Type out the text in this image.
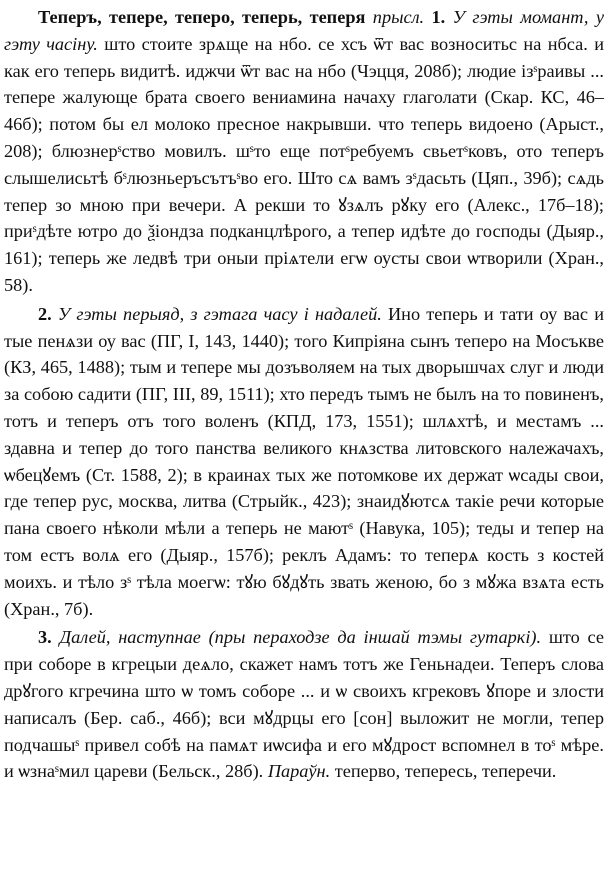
Теперъ, тепере, теперо, теперь, теперя прысл. 1. У гэты момант, у гэту часіну. што стоите зрѧще на нбо. се хсъ ѿт вас возноситьс на нбса. и как его теперь видитѣ. иджчи ѿт вас на нбо (Чэцця, 208б); людие ізˢраивы ... тепере жалующе брата своего вениамина начаху глаголати (Скар. КС, 46–46б); потом бы ел молоко пресное накрывши. что теперь видоено (Арыст., 208); блюзнерˢство мовилъ. шˢто еще потˢребуемъ свьетˢковъ, ото теперъ слышелисьтѣ бˢлюзньеръсътъˢво его. Што сѧ вамъ зˢдасьть (Цяп., 39б); сѧдь тепер зо мною при вечери. А рекши то ꙋзѧлъ рꙋку его (Алекс., 17б–18); приˢдѣте ютро до ѯіондза подканцлѣрого, а тепер идѣте до господы (Дыяр., 161); теперь же ледвѣ три оныи пріѧтели егѡ оусты свои ѡтворили (Хран., 58).

2. У гэты перыяд, з гэтага часу і надалей. Ино теперь и тати оу вас и тые пенѧзи оу вас (ПГ, I, 143, 1440); того Кипріяна сынъ теперо на Мосъкве (КЗ, 465, 1488); тым и тепере мы дозъволяем на тых дворышчах слуг и люди за собою садити (ПГ, III, 89, 1511); хто передъ тымъ не былъ на то повиненъ, тотъ и теперъ отъ того воленъ (КПД, 173, 1551); шлѧхтѣ, и местамъ ... здавна и тепер до того панства великого кнѧзства литовского належачахъ, ѡбецꙋемъ (Ст. 1588, 2); в краинах тых же потомкове их держат ѡсады свои, где тепер рус, москва, литва (Стрыйк., 423); знаидꙋютсѧ такіе речи которые пана своего нѣколи мѣли а теперь не маютˢ (Навука, 105); теды и тепер на том естъ волѧ его (Дыяр., 157б); реклъ Адамъ: то теперѧ кость з костей моихъ. и тѣло зˢ тѣла моегѡ: тꙋю бꙋдꙋть звать женою, бо з мꙋжа взѧта есть (Хран., 7б).

3. Далей, наступнае (пры пераходзе да іншай тэмы гутаркі). што се при соборе в кгрецыи деѧло, скажет намъ тотъ же Геньнадеи. Теперъ слова дрꙋгого кгречина што ѡ томъ соборе ... и ѡ своихъ кгрековъ ꙋпоре и злости написалъ (Бер. саб., 46б); вси мꙋдрцы его [сон] выложит не могли, тепер подчашыˢ привел собѣ на памѧт иѡсифа и его мꙋдрост вспомнел в тоˢ мѣре. и ѡзнаˢмил цареви (Бельск., 28б). Параўн. теперво, тепересь, теперечи.
